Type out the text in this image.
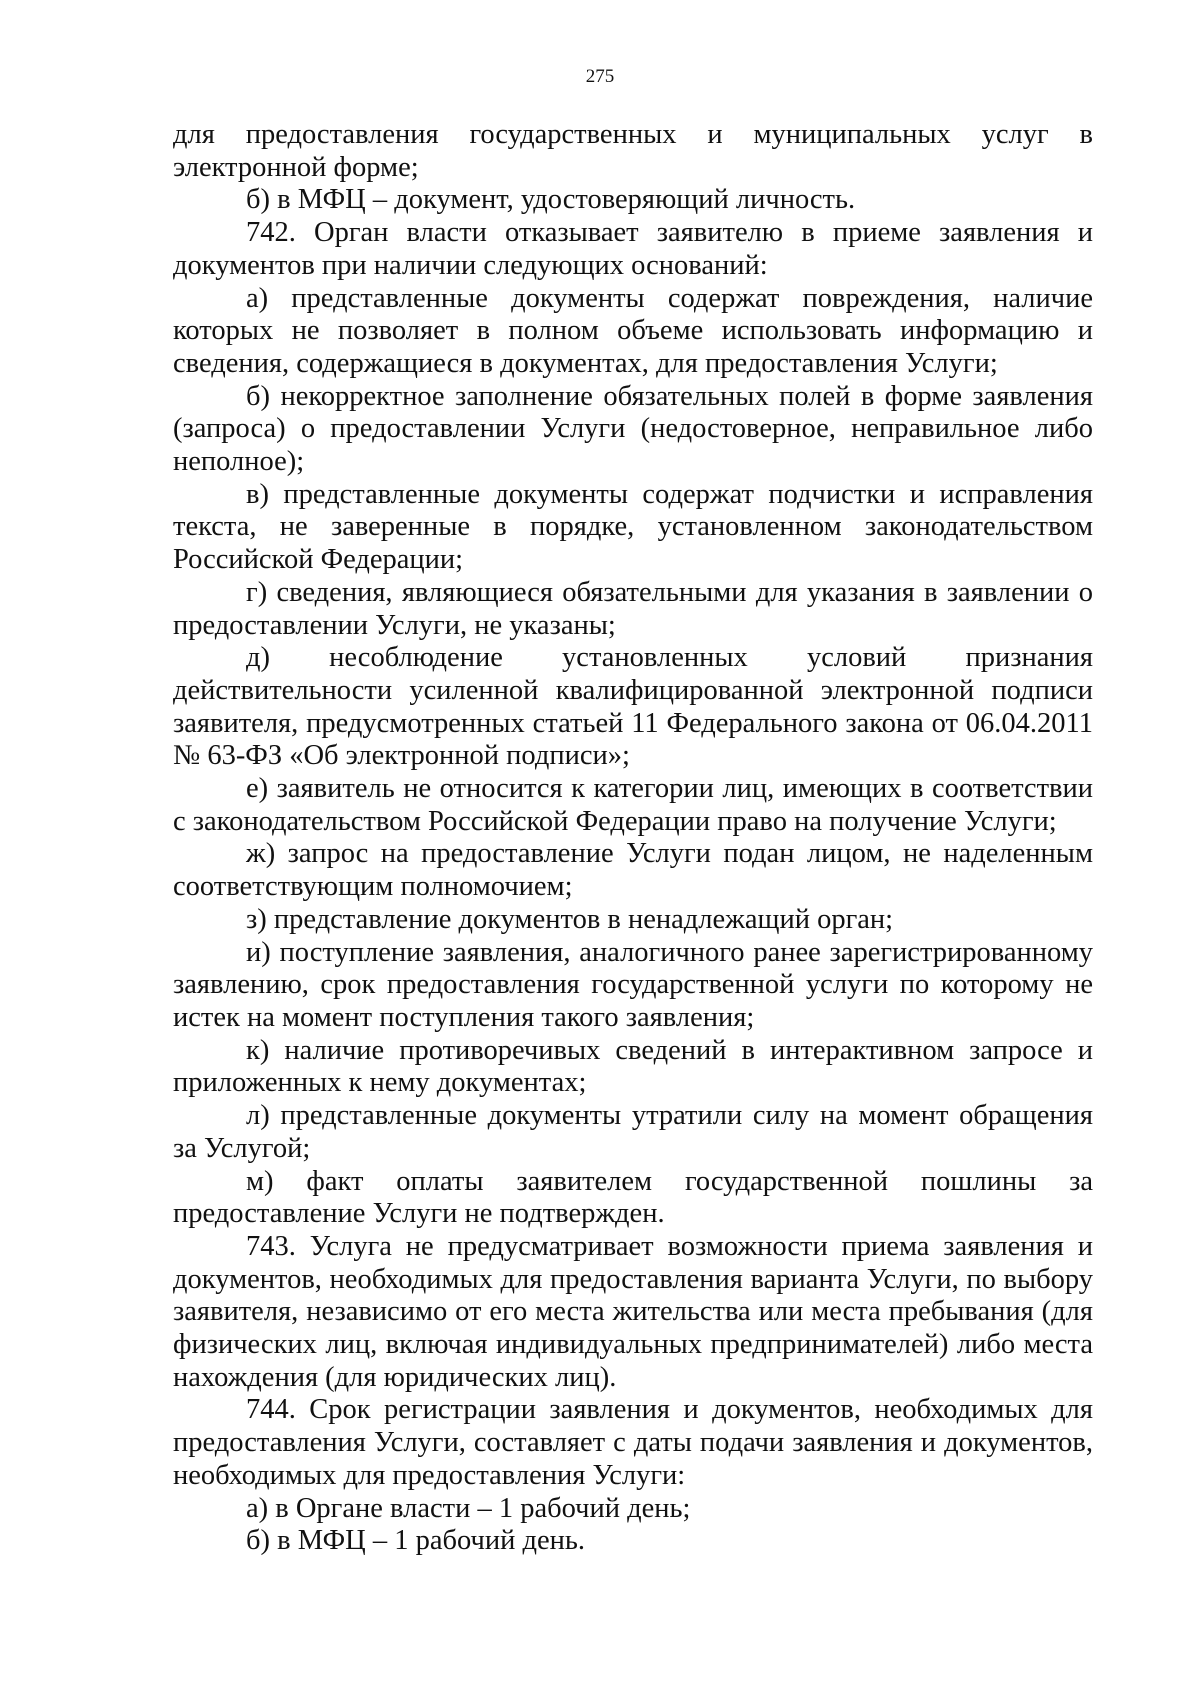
275

для предоставления государственных и муниципальных услуг в электронной форме;

б) в МФЦ – документ, удостоверяющий личность.

742. Орган власти отказывает заявителю в приеме заявления и документов при наличии следующих оснований:

а) представленные документы содержат повреждения, наличие которых не позволяет в полном объеме использовать информацию и сведения, содержащиеся в документах, для предоставления Услуги;

б) некорректное заполнение обязательных полей в форме заявления (запроса) о предоставлении Услуги (недостоверное, неправильное либо неполное);

в) представленные документы содержат подчистки и исправления текста, не заверенные в порядке, установленном законодательством Российской Федерации;

г) сведения, являющиеся обязательными для указания в заявлении о предоставлении Услуги, не указаны;

д) несоблюдение установленных условий признания действительности усиленной квалифицированной электронной подписи заявителя, предусмотренных статьей 11 Федерального закона от 06.04.2011 № 63-ФЗ «Об электронной подписи»;

е) заявитель не относится к категории лиц, имеющих в соответствии с законодательством Российской Федерации право на получение Услуги;

ж) запрос на предоставление Услуги подан лицом, не наделенным соответствующим полномочием;

з) представление документов в ненадлежащий орган;

и) поступление заявления, аналогичного ранее зарегистрированному заявлению, срок предоставления государственной услуги по которому не истек на момент поступления такого заявления;

к) наличие противоречивых сведений в интерактивном запросе и приложенных к нему документах;

л) представленные документы утратили силу на момент обращения за Услугой;

м) факт оплаты заявителем государственной пошлины за предоставление Услуги не подтвержден.

743. Услуга не предусматривает возможности приема заявления и документов, необходимых для предоставления варианта Услуги, по выбору заявителя, независимо от его места жительства или места пребывания (для физических лиц, включая индивидуальных предпринимателей) либо места нахождения (для юридических лиц).

744. Срок регистрации заявления и документов, необходимых для предоставления Услуги, составляет с даты подачи заявления и документов, необходимых для предоставления Услуги:

а) в Органе власти – 1 рабочий день;

б) в МФЦ – 1 рабочий день.
